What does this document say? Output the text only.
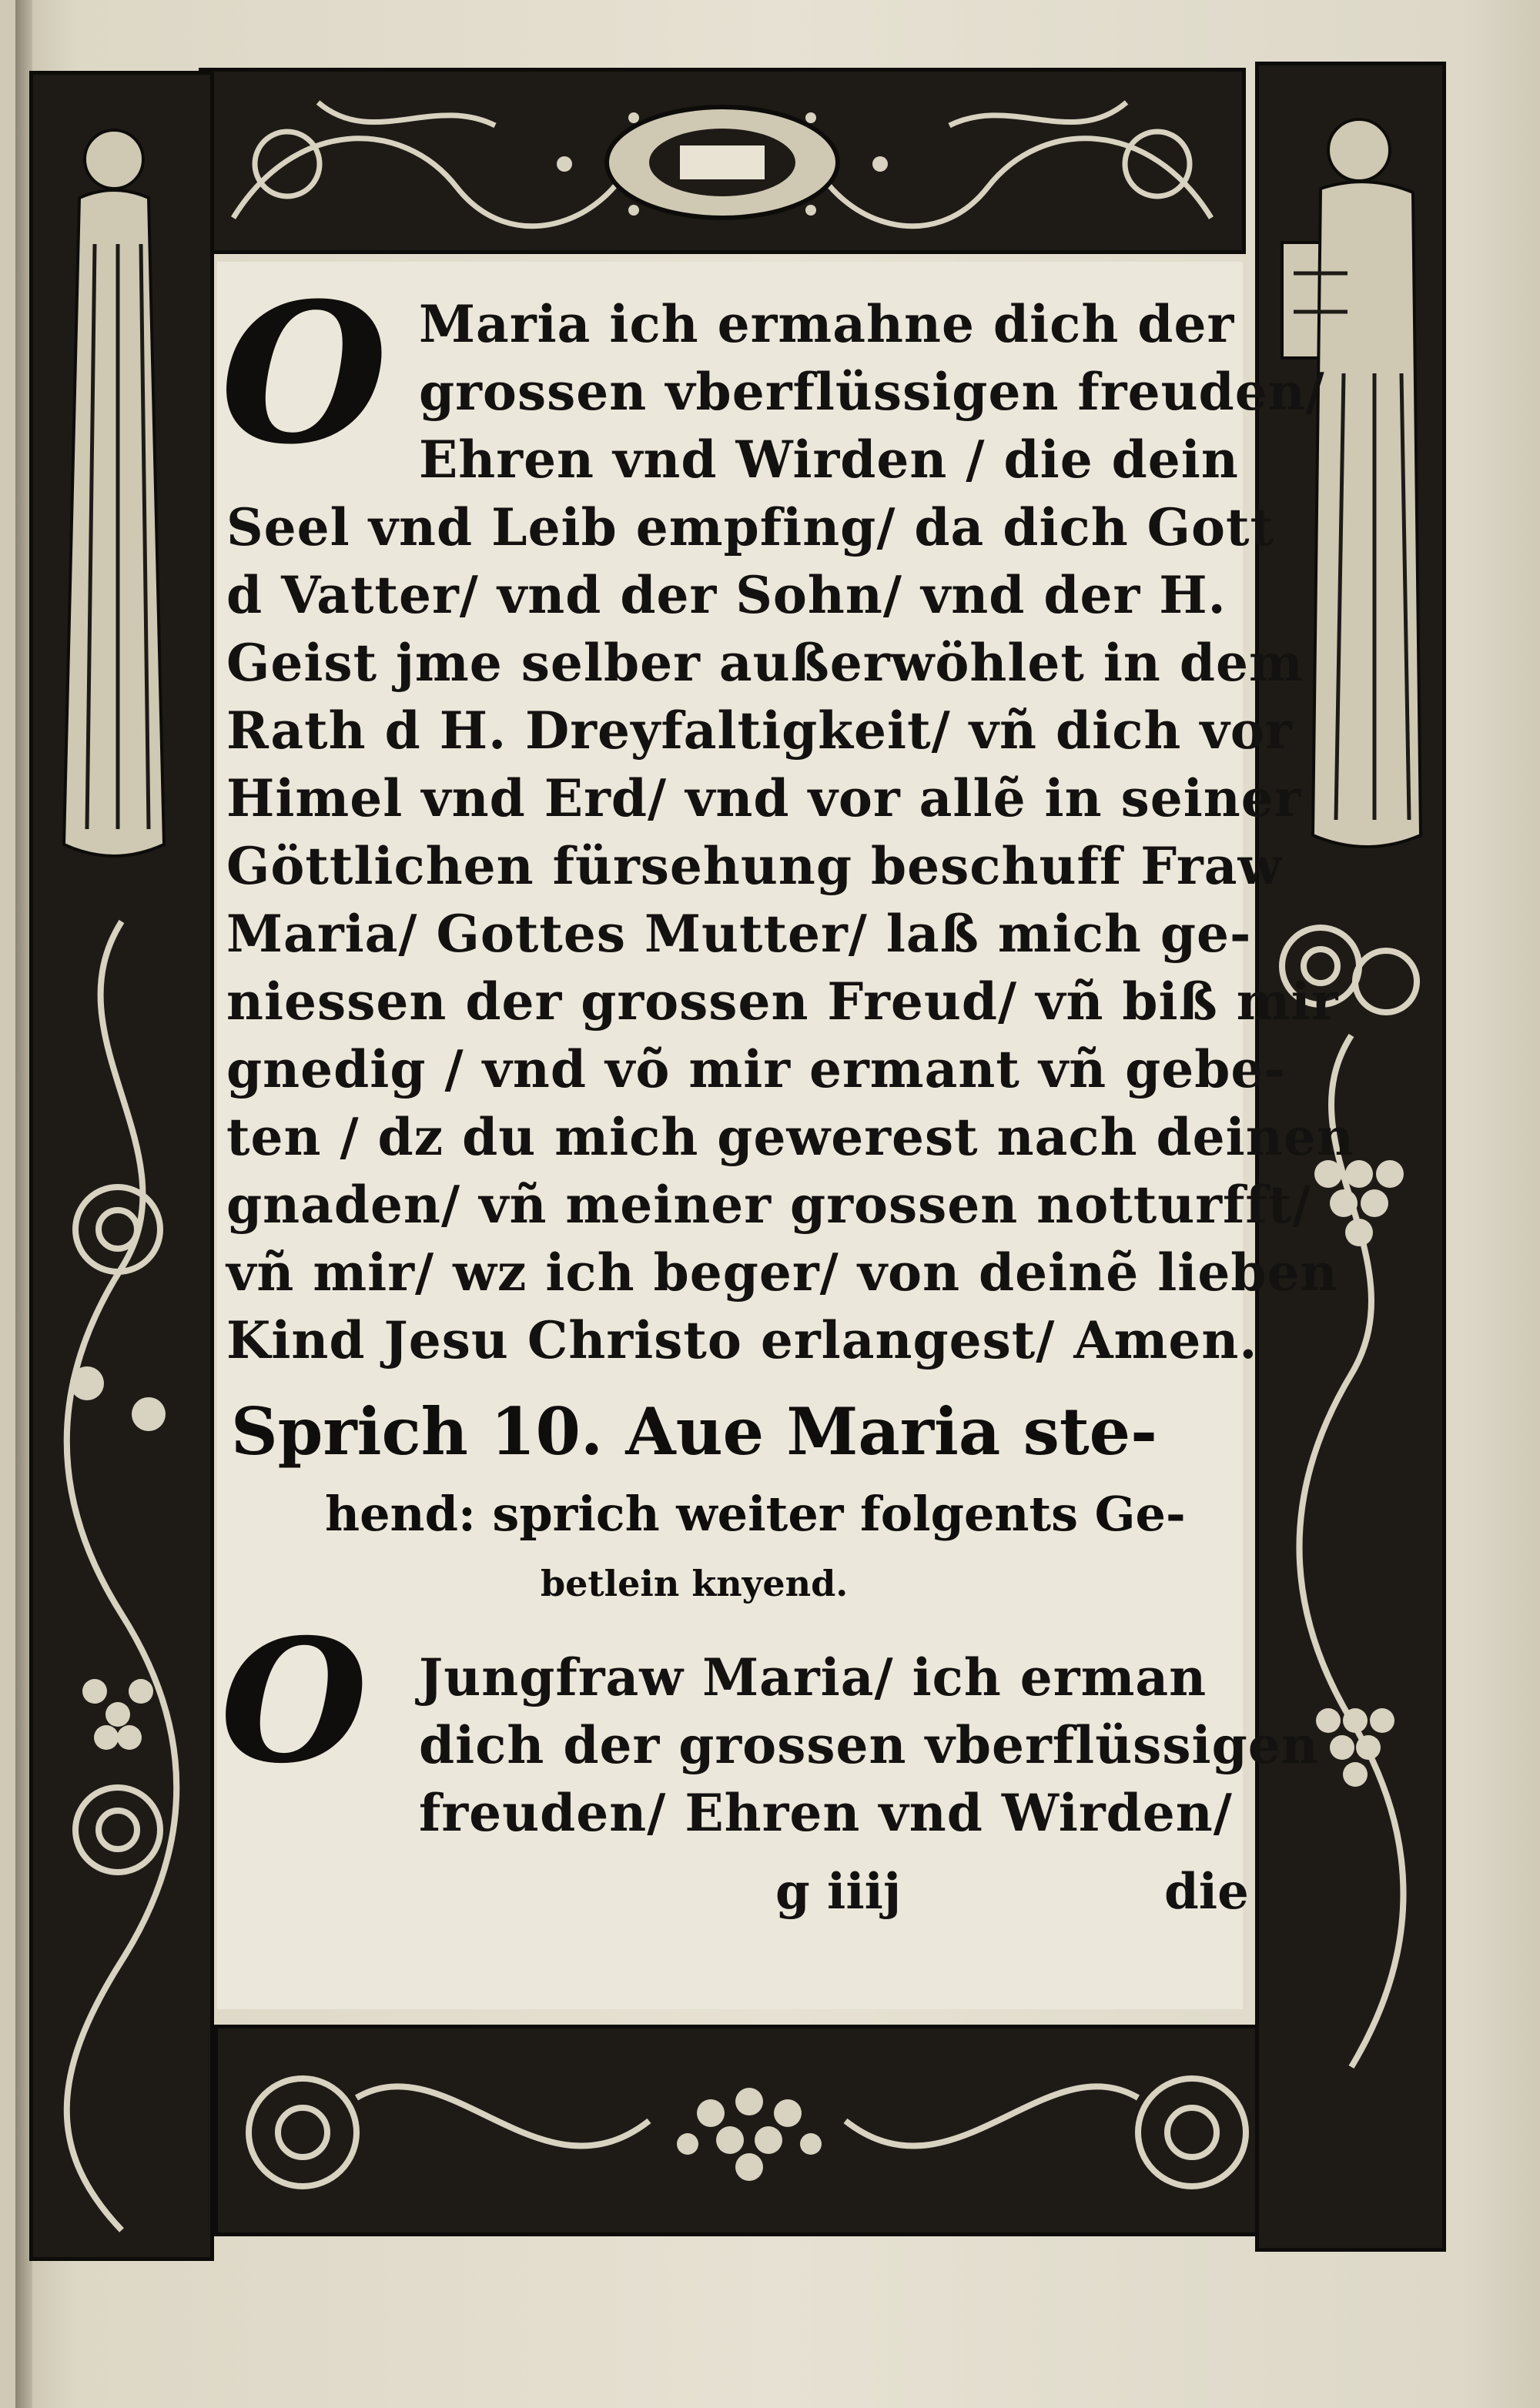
O Maria ich ermahne dich der
grossen vberflüssigen freuden/
Ehren vnd Wirden / die dein
Seel vnd Leib empfing/ da dich Gott
d Vatter/ vnd der Sohn/ vnd der H.
Geist jme selber außerwöhlet in dem
Rath d H. Dreyfaltigkeit/ vñ dich vor
Himel vnd Erd/ vnd vor allẽ in seiner
Göttlichen fürsehung beschuff Fraw
Maria/ Gottes Mutter/ laß mich ge-
niessen der grossen Freud/ vñ biß mir
gnedig / vnd võ mir ermant vñ gebe-
ten / dz du mich gewerest nach deinen
gnaden/ vñ meiner grossen notturfft/
vñ mir/ wz ich beger/ von deinẽ lieben
Kind Jesu Christo erlangest/ Amen.
Sprich 10. Aue Maria ste-
hend: sprich weiter folgents Ge-
betlein knyend.
O Jungfraw Maria/ ich erman
dich der grossen vberflüssigen
freuden/ Ehren vnd Wirden/
g iiij	die
